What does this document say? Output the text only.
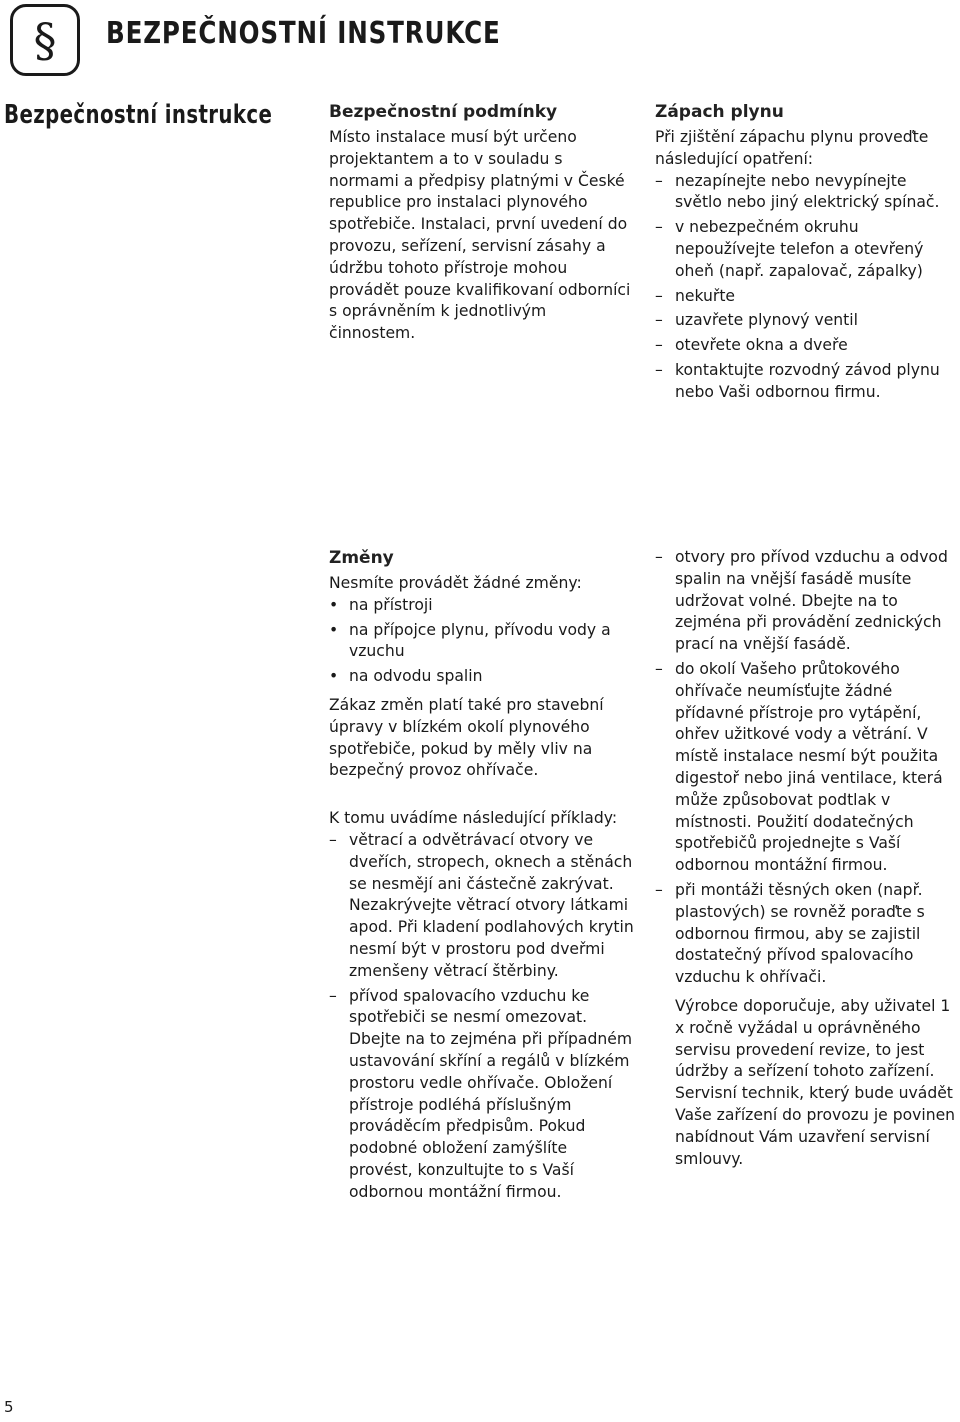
§ BEZPEČNOSTNÍ INSTRUKCE
Bezpečnostní instrukce	Bezpečnostní podmínky

Místo instalace musí být určeno projektantem a to v souladu s normami a předpisy platnými v České republice pro instalaci plynového spotřebiče. Instalaci, první uvedení do provozu, seřízení, servisní zásahy a údržbu tohoto přístroje mohou provádět pouze kvalifikovaní odborníci s oprávněním k jednotlivým činnostem.

Zápach plynu

Při zjištění zápachu plynu proveďte následující opatření:

– nezapínejte nebo nevypínejte světlo nebo jiný elektrický spínač.
– v nebezpečném okruhu nepoužívejte telefon a otevřený oheň (např. zapalovač, zápalky)
– nekuřte
– uzavřete plynový ventil
– otevřete okna a dveře
– kontaktujte rozvodný závod plynu nebo Vaši odbornou firmu.
Změny

Nesmíte provádět žádné změny:

• na přístroji
• na přípojce plynu, přívodu vody a vzuchu
• na odvodu spalin

Zákaz změn platí také pro stavební úpravy v blízkém okolí plynového spotřebiče, pokud by měly vliv na bezpečný provoz ohřívače.

K tomu uvádíme následující příklady:

– větrací a odvětrávací otvory ve dveřích, stropech, oknech a stěnách se nesmějí ani částečně zakrývat. Nezakrývejte větrací otvory látkami apod. Při kladení podlahových krytin nesmí být v prostoru pod dveřmi zmenšeny větrací štěrbiny.
– přívod spalovacího vzduchu ke spotřebiči se nesmí omezovat. Dbejte na to zejména při případném ustavování skříní a regálů v blízkém prostoru vedle ohřívače. Obložení přístroje podléhá příslušným prováděcím předpisům. Pokud podobné obložení zamýšlíte provést, konzultujte to s Vaší odbornou montážní firmou.
– otvory pro přívod vzduchu a odvod spalin na vnější fasádě musíte udržovat volné. Dbejte na to zejména při provádění zednických prací na vnější fasádě.
– do okolí Vašeho průtokového ohřívače neumísťujte žádné přídavné přístroje pro vytápění, ohřev užitkové vody a větrání. V místě instalace nesmí být použita digestoř nebo jiná ventilace, která může způsobovat podtlak v místnosti. Použití dodatečných spotřebičů projednejte s Vaší odbornou montážní firmou.
– při montáži těsných oken (např. plastových) se rovněž poraďte s odbornou firmou, aby se zajistil dostatečný přívod spalovacího vzduchu k ohřívači.

Výrobce doporučuje, aby uživatel 1 x ročně vyžádal u oprávněného servisu provedení revize, to jest údržby a seřízení tohoto zařízení. Servisní technik, který bude uvádět Vaše zařízení do provozu je povinen nabídnout Vám uzavření servisní smlouvy.

5
